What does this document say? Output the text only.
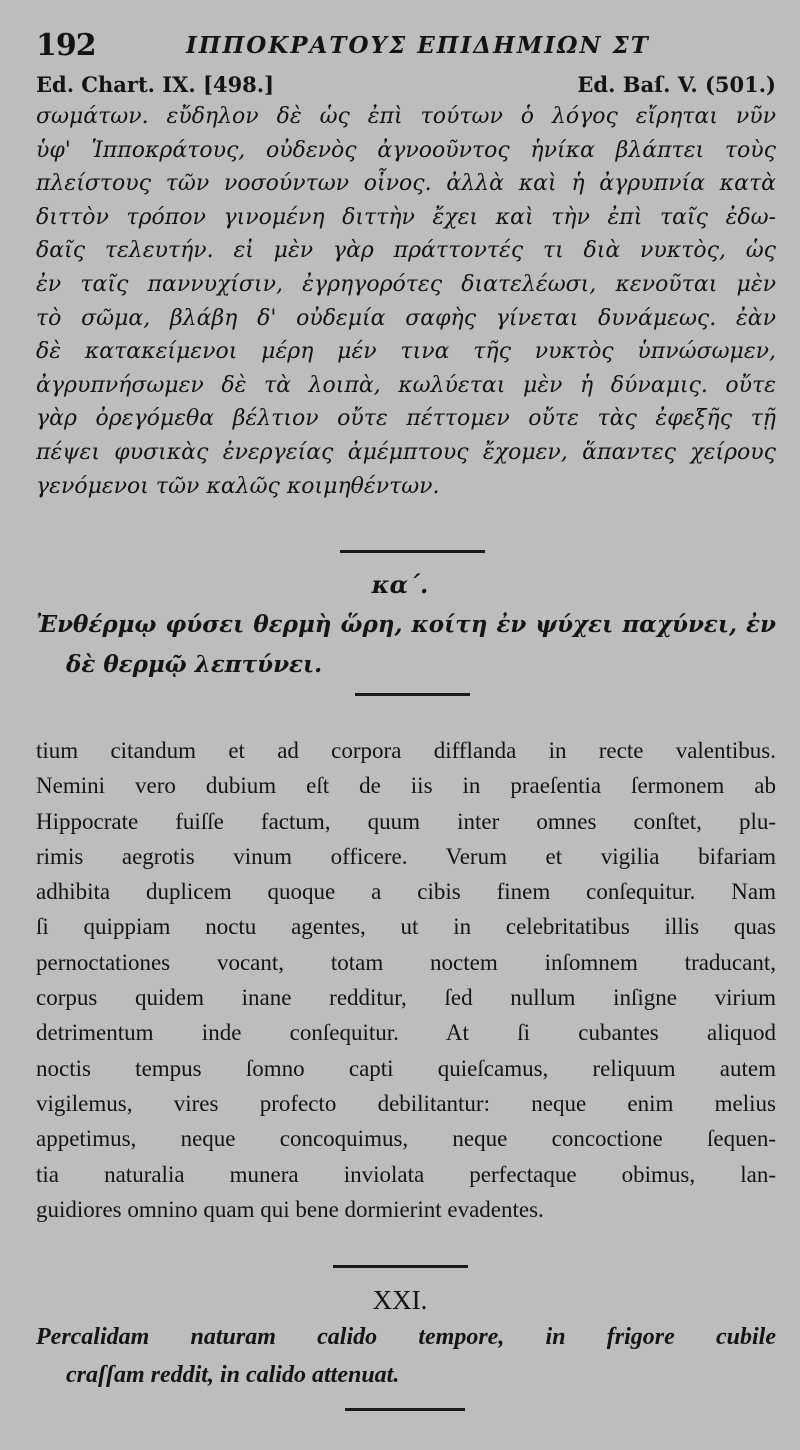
192	ΙΠΠΟΚΡΑΤΟΥΣ ΕΠΙΔΗΜΙΩΝ ΣΤ
Ed. Chart. IX. [498.]	Ed. Baſ. V. (501.)
σωμάτων. εὔδηλον δὲ ὡς ἐπὶ τούτων ὁ λόγος εἴρηται νῦν
ὑφ' Ἱπποκράτους, οὐδενὸς ἀγνοοῦντος ἡνίκα βλάπτει τοὺς
πλείστους τῶν νοσούντων οἶνος. ἀλλὰ καὶ ἡ ἀγρυπνία κατὰ
διττὸν τρόπον γινομένη διττὴν ἔχει καὶ τὴν ἐπὶ ταῖς ἐδω-
δαῖς τελευτήν. εἰ μὲν γὰρ πράττοντές τι διὰ νυκτὸς, ὡς
ἐν ταῖς παννυχίσιν, ἐγρηγορότες διατελέωσι, κενοῦται μὲν
τὸ σῶμα, βλάβη δ' οὐδεμία σαφὴς γίνεται δυνάμεως. ἐὰν
δὲ κατακείμενοι μέρη μέν τινα τῆς νυκτὸς ὑπνώσωμεν,
ἀγρυπνήσωμεν δὲ τὰ λοιπὰ, κωλύεται μὲν ἡ δύναμις. οὔτε
γὰρ ὀρεγόμεθα βέλτιον οὔτε πέττομεν οὔτε τὰς ἐφεξῆς τῇ
πέψει φυσικὰς ἐνεργείας ἀμέμπτους ἔχομεν, ἅπαντες χείρους
γενόμενοι τῶν καλῶς κοιμηθέντων.
κα΄.
Ἐνθέρμῳ φύσει θερμὴ ὥρη, κοίτη ἐν ψύχει παχύνει, ἐν
δὲ θερμῷ λεπτύνει.
tium citandum et ad corpora difflanda in recte valentibus.
Nemini vero dubium eſt de iis in praeſentia ſermonem ab
Hippocrate fuiſſe factum, quum inter omnes conſtet, plu-
rimis aegrotis vinum officere. Verum et vigilia bifariam
adhibita duplicem quoque a cibis finem conſequitur. Nam
ſi quippiam noctu agentes, ut in celebritatibus illis quas
pernoctationes vocant, totam noctem inſomnem traducant,
corpus quidem inane redditur, ſed nullum inſigne virium
detrimentum inde conſequitur. At ſi cubantes aliquod
noctis tempus ſomno capti quieſcamus, reliquum autem
vigilemus, vires profecto debilitantur: neque enim melius
appetimus, neque concoquimus, neque concoctione ſequen-
tia naturalia munera inviolata perfectaque obimus, lan-
guidiores omnino quam qui bene dormierint evadentes.
XXI.
Percalidam naturam calido tempore, in frigore cubile
craſſam reddit, in calido attenuat.
